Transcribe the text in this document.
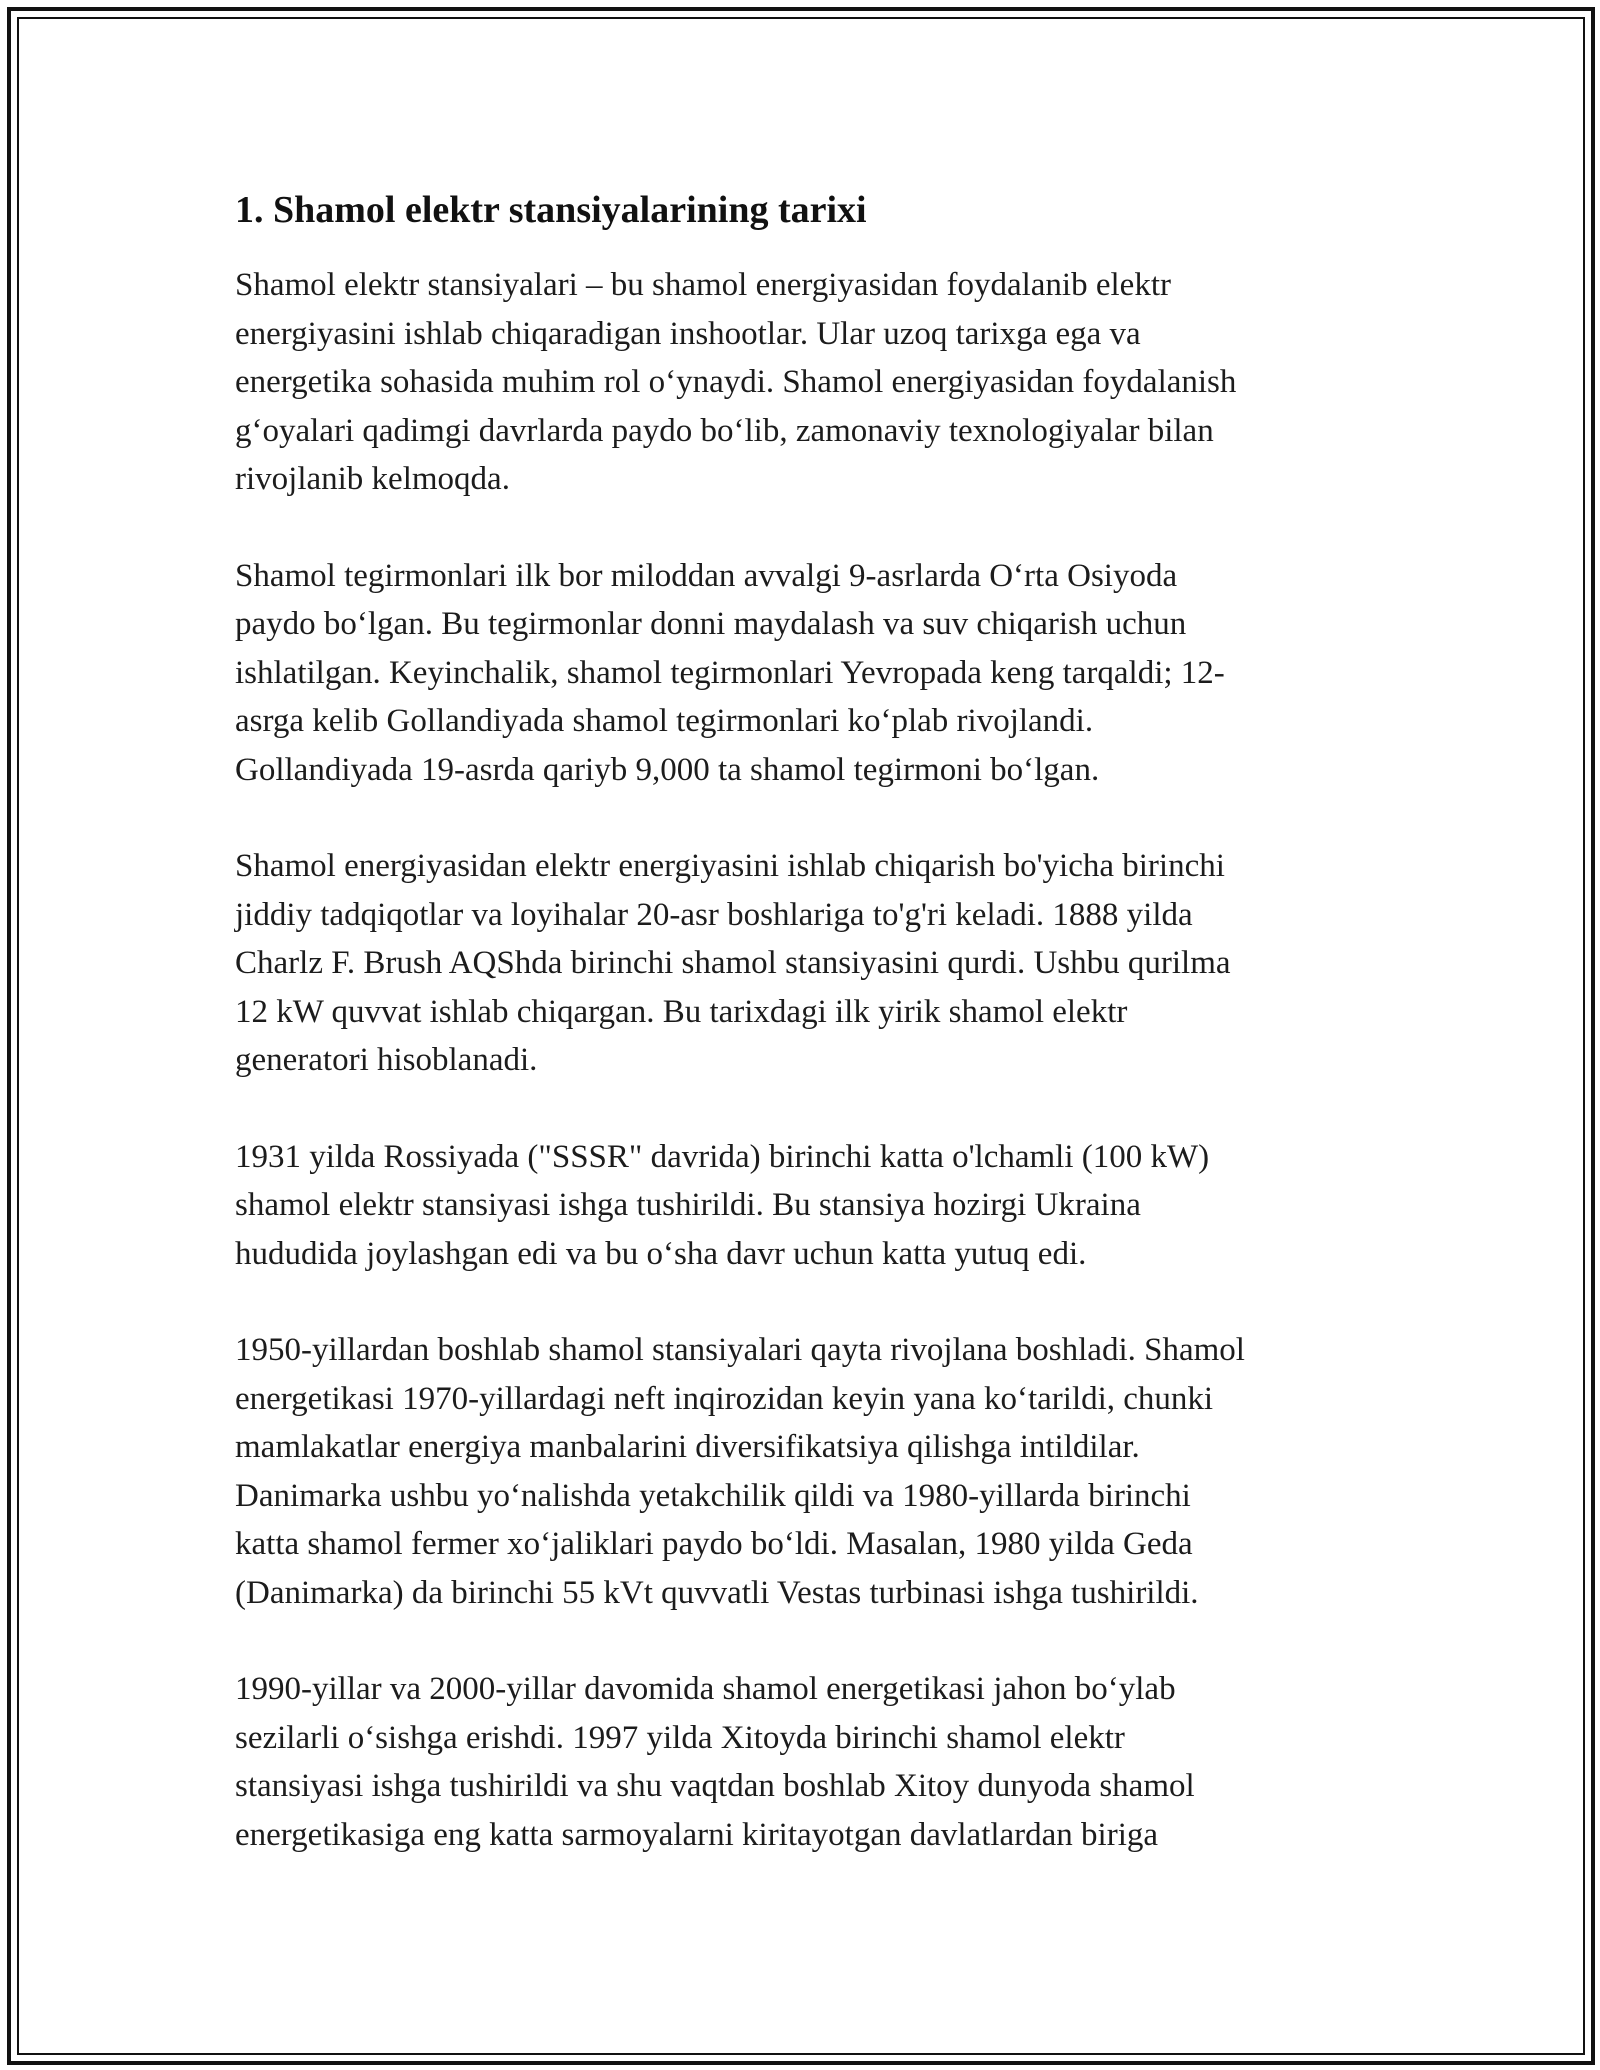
1. Shamol elektr stansiyalarining tarixi
Shamol elektr stansiyalari – bu shamol energiyasidan foydalanib elektr
energiyasini ishlab chiqaradigan inshootlar. Ular uzoq tarixga ega va
energetika sohasida muhim rol o‘ynaydi. Shamol energiyasidan foydalanish
g‘oyalari qadimgi davrlarda paydo bo‘lib, zamonaviy texnologiyalar bilan
rivojlanib kelmoqda.
Shamol tegirmonlari ilk bor miloddan avvalgi 9-asrlarda O‘rta Osiyoda
paydo bo‘lgan. Bu tegirmonlar donni maydalash va suv chiqarish uchun
ishlatilgan. Keyinchalik, shamol tegirmonlari Yevropada keng tarqaldi; 12-
asrga kelib Gollandiyada shamol tegirmonlari ko‘plab rivojlandi.
Gollandiyada 19-asrda qariyb 9,000 ta shamol tegirmoni bo‘lgan.
Shamol energiyasidan elektr energiyasini ishlab chiqarish bo'yicha birinchi
jiddiy tadqiqotlar va loyihalar 20-asr boshlariga to'g'ri keladi. 1888 yilda
Charlz F. Brush AQShda birinchi shamol stansiyasini qurdi. Ushbu qurilma
12 kW quvvat ishlab chiqargan. Bu tarixdagi ilk yirik shamol elektr
generatori hisoblanadi.
1931 yilda Rossiyada ("SSSR" davrida) birinchi katta o'lchamli (100 kW)
shamol elektr stansiyasi ishga tushirildi. Bu stansiya hozirgi Ukraina
hududida joylashgan edi va bu o‘sha davr uchun katta yutuq edi.
1950-yillardan boshlab shamol stansiyalari qayta rivojlana boshladi. Shamol
energetikasi 1970-yillardagi neft inqirozidan keyin yana ko‘tarildi, chunki
mamlakatlar energiya manbalarini diversifikatsiya qilishga intildilar.
Danimarka ushbu yo‘nalishda yetakchilik qildi va 1980-yillarda birinchi
katta shamol fermer xo‘jaliklari paydo bo‘ldi. Masalan, 1980 yilda Geda
(Danimarka) da birinchi 55 kVt quvvatli Vestas turbinasi ishga tushirildi.
1990-yillar va 2000-yillar davomida shamol energetikasi jahon bo‘ylab
sezilarli o‘sishga erishdi. 1997 yilda Xitoyda birinchi shamol elektr
stansiyasi ishga tushirildi va shu vaqtdan boshlab Xitoy dunyoda shamol
energetikasiga eng katta sarmoyalarni kiritayotgan davlatlardan biriga
